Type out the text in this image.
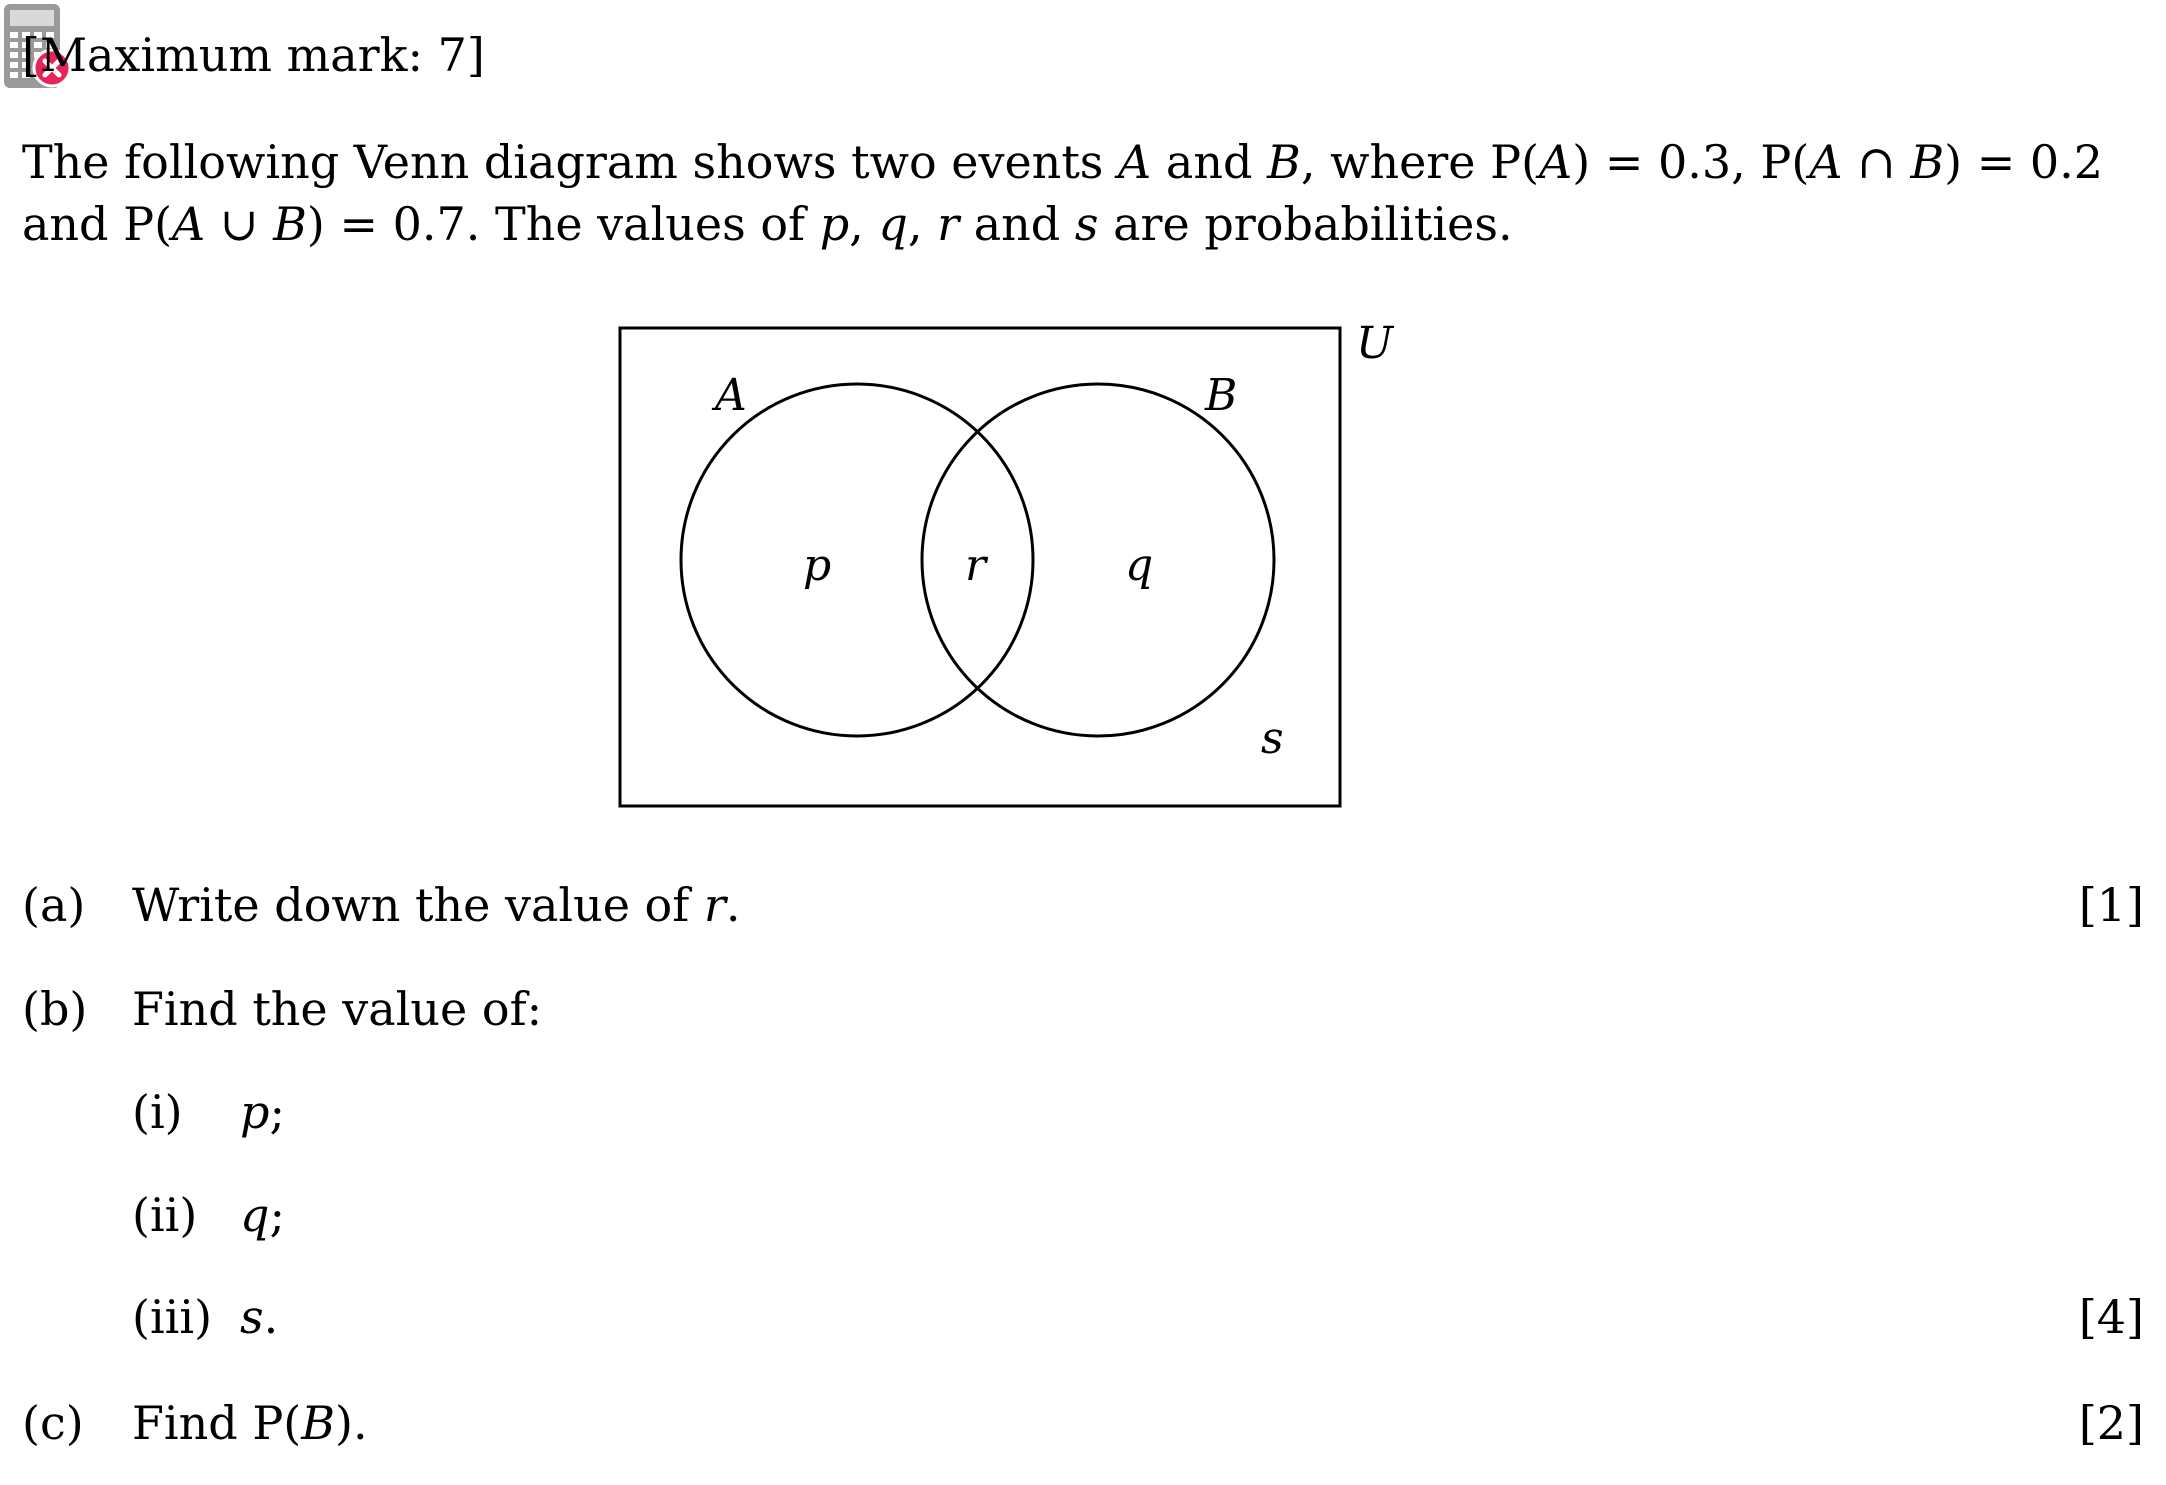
[Maximum mark: 7]
The following Venn diagram shows two events A and B, where P(A) = 0.3, P(A ∩ B) = 0.2
and P(A ∪ B) = 0.7. The values of p, q, r and s are probabilities.
U
A	B
p	r	q
s
(a) Write down the value of r.	[1]
(b) Find the value of:
(i) p;
(ii) q;
(iii) s.	[4]
(c) Find P(B).	[2]
